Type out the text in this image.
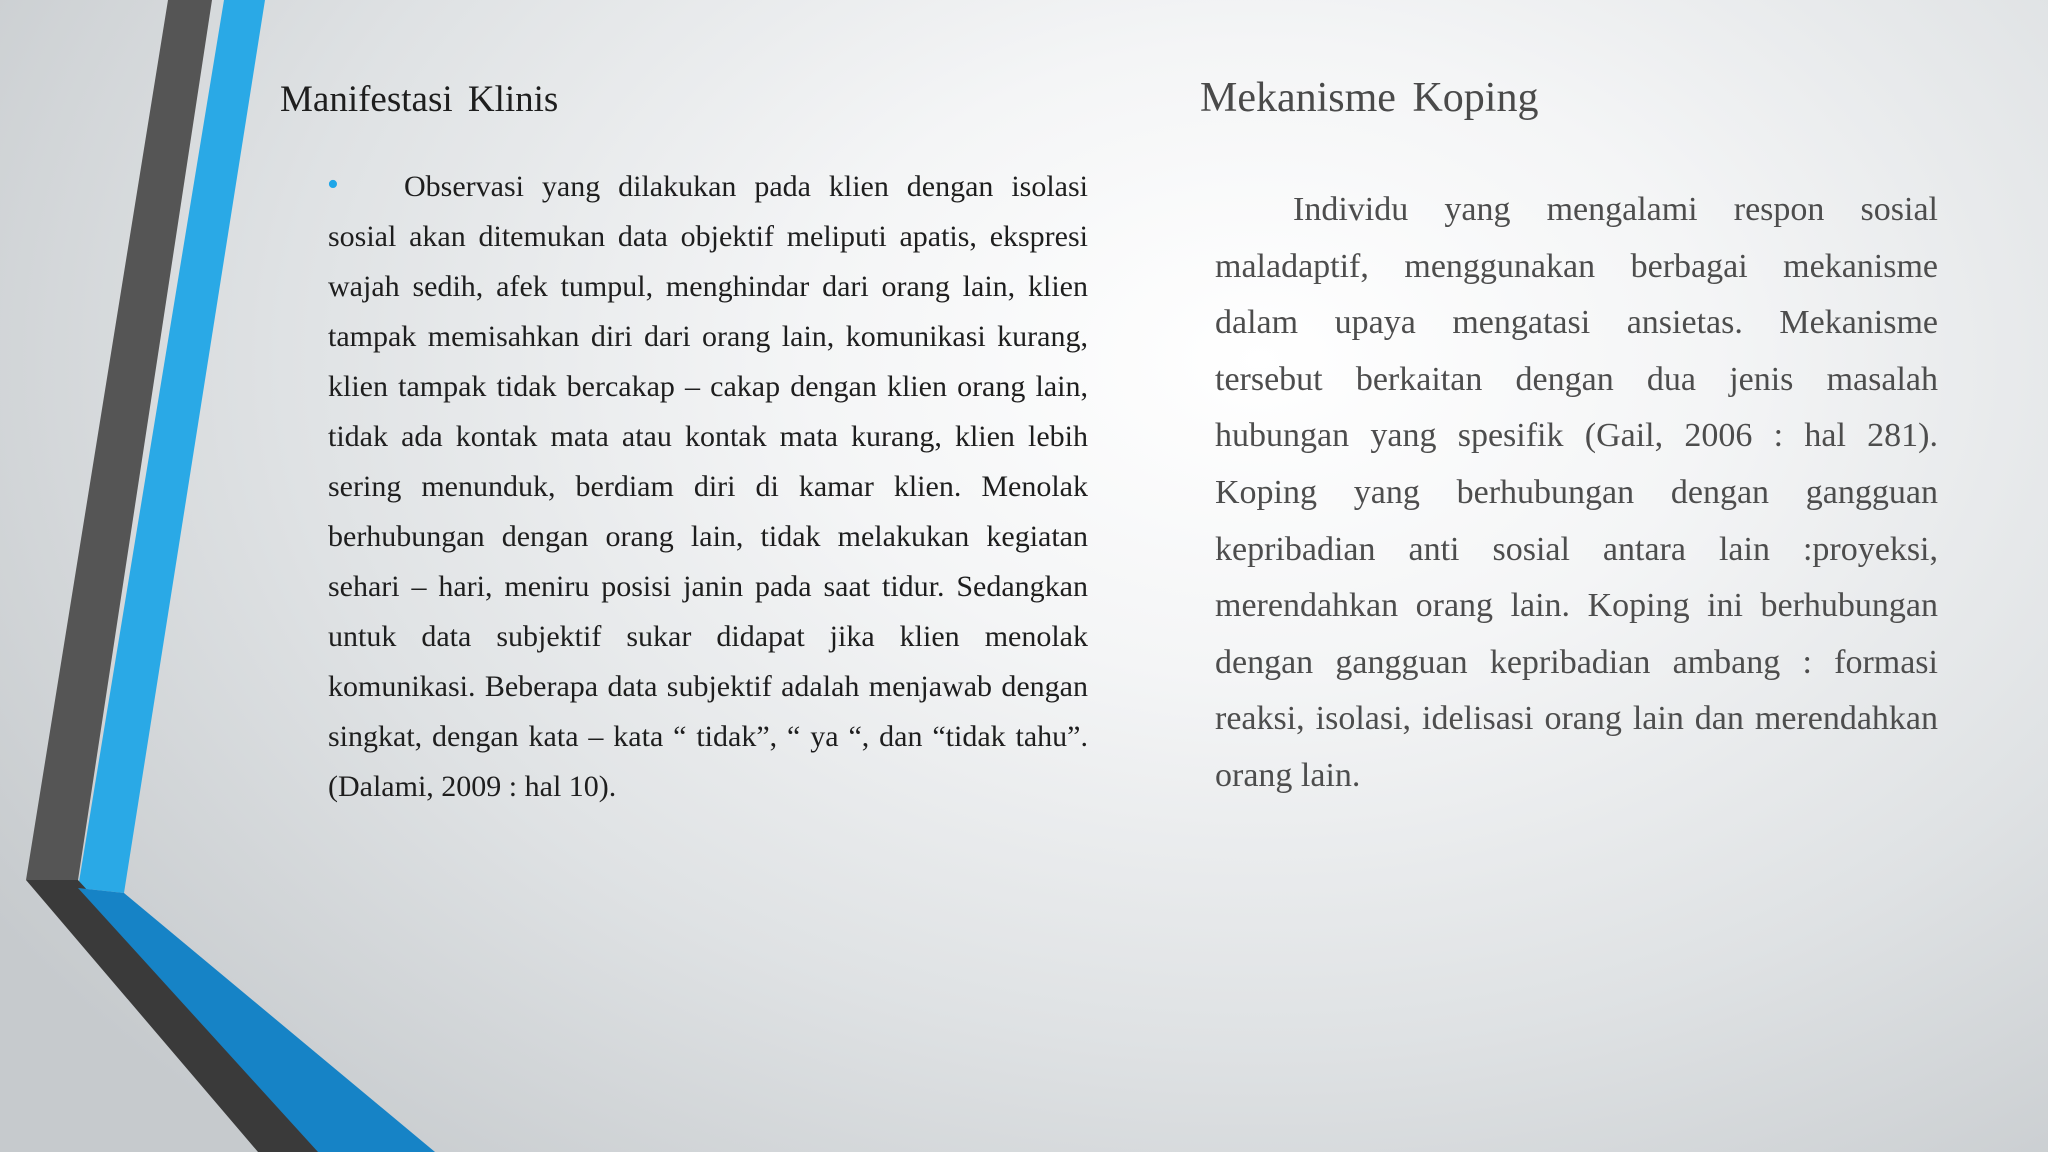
Manifestasi Klinis
•	Observasi yang dilakukan pada klien dengan isolasi sosial akan ditemukan data objektif meliputi apatis, ekspresi wajah sedih, afek tumpul, menghindar dari orang lain, klien tampak memisahkan diri dari orang lain, komunikasi kurang, klien tampak tidak bercakap – cakap dengan klien orang lain, tidak ada kontak mata atau kontak mata kurang, klien lebih sering menunduk, berdiam diri di kamar klien. Menolak berhubungan dengan orang lain, tidak melakukan kegiatan sehari – hari, meniru posisi janin pada saat tidur. Sedangkan untuk data subjektif sukar didapat jika klien menolak komunikasi. Beberapa data subjektif adalah menjawab dengan singkat, dengan kata – kata “ tidak”, “ ya “, dan “tidak tahu”. (Dalami, 2009 : hal 10).

Mekanisme Koping

Individu yang mengalami respon sosial maladaptif, menggunakan berbagai mekanisme dalam upaya mengatasi ansietas. Mekanisme tersebut berkaitan dengan dua jenis masalah hubungan yang spesifik (Gail, 2006 : hal 281). Koping yang berhubungan dengan gangguan kepribadian anti sosial antara lain :proyeksi, merendahkan orang lain. Koping ini berhubungan dengan gangguan kepribadian ambang : formasi reaksi, isolasi, idelisasi orang lain dan merendahkan orang lain.
